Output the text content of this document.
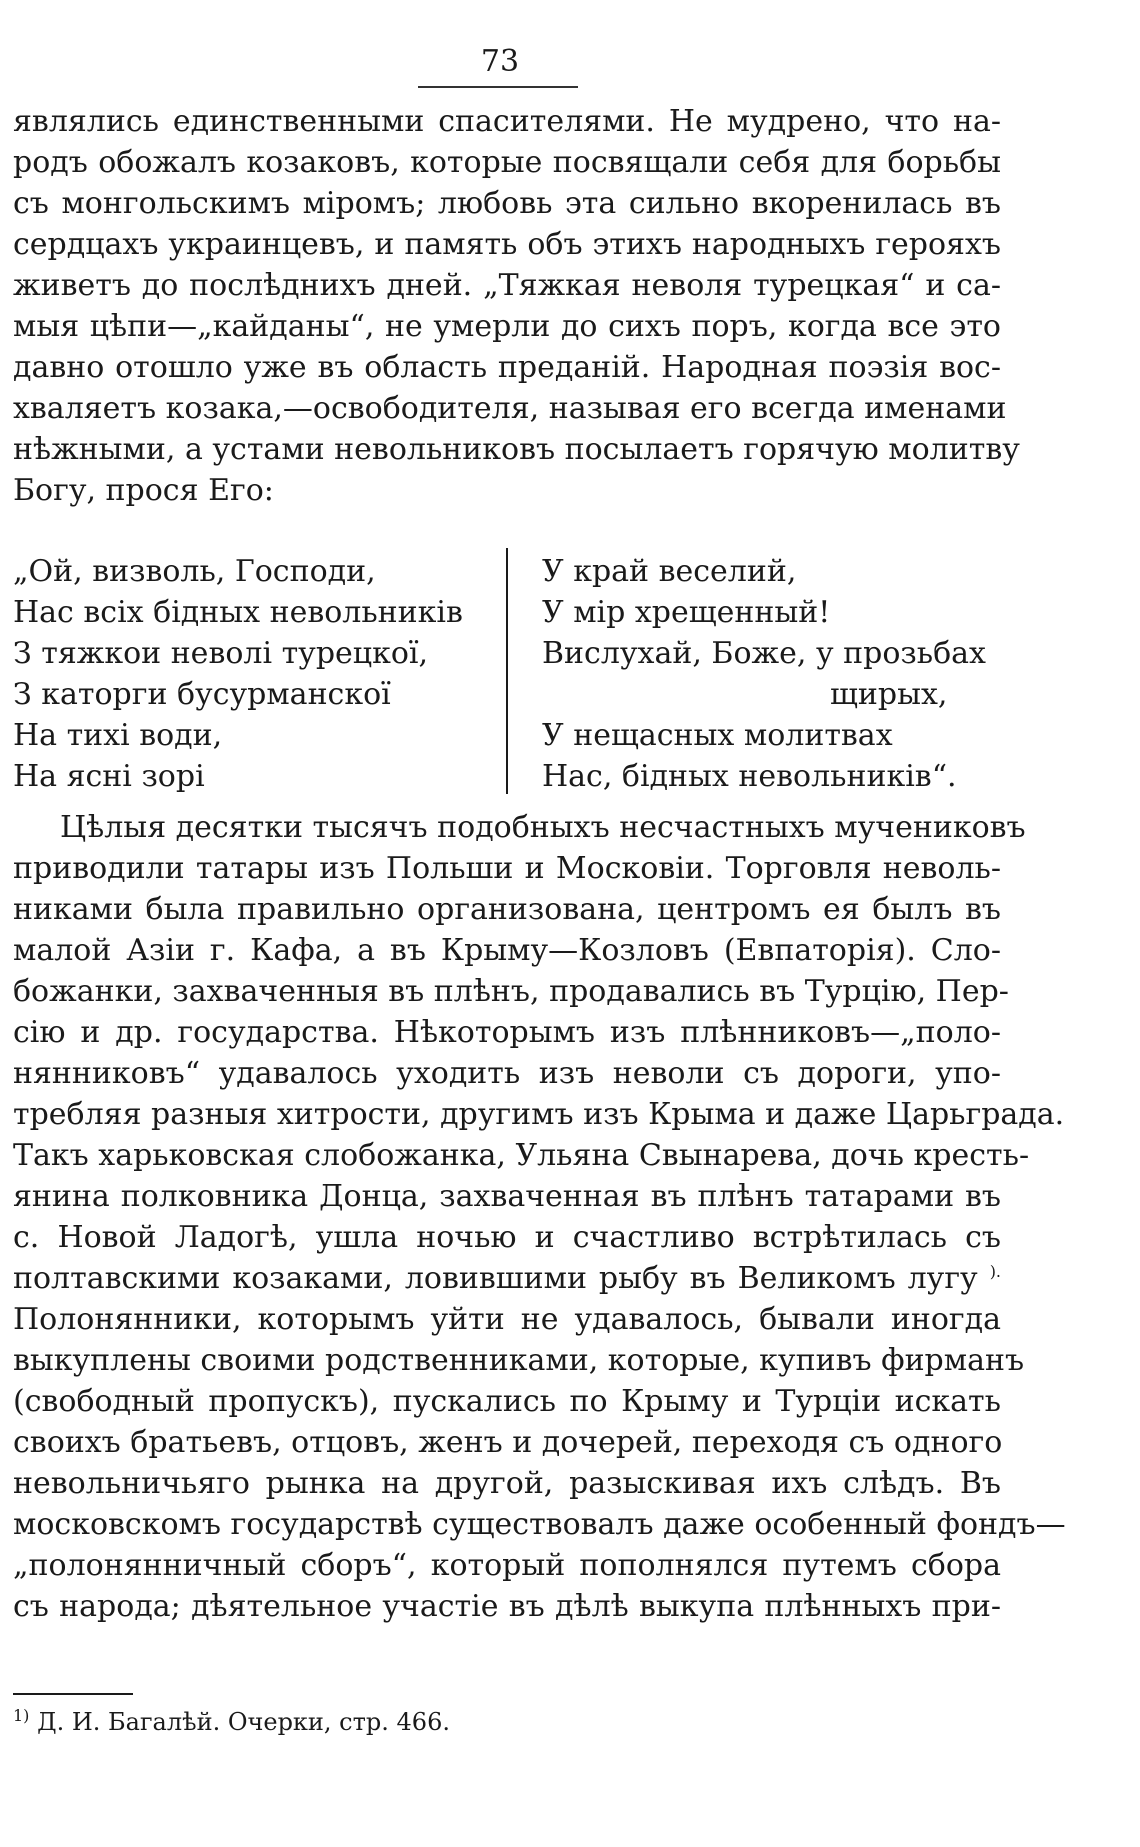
73
являлись единственными спасителями. Не мудрено, что на-
родъ обожалъ козаковъ, которые посвящали себя для борьбы
съ монгольскимъ міромъ; любовь эта сильно вкоренилась въ
сердцахъ украинцевъ, и память объ этихъ народныхъ герояхъ
живетъ до послѣднихъ дней. „Тяжкая неволя турецкая“ и са-
мыя цѣпи—„кайданы“, не умерли до сихъ поръ, когда все это
давно отошло уже въ область преданій. Народная поэзія вос-
хваляетъ козака,—освободителя, называя его всегда именами
нѣжными, а устами невольниковъ посылаетъ горячую молитву
Богу, прося Его:
„Ой, визволь, Господи,
Нас всіх бідных невольників
З тяжкои неволі турецкої,
З каторги бусурманскої
На тихі води,
На ясні зорі
У край веселий,
У мір хрещенный!
Вислухай, Боже, у прозьбах
щирых,
У нещасных молитвах
Нас, бідных невольників“.
Цѣлыя десятки тысячъ подобныхъ несчастныхъ мучениковъ
приводили татары изъ Польши и Московіи. Торговля неволь-
никами была правильно организована, центромъ ея былъ въ
малой Азіи г. Кафа, а въ Крыму—Козловъ (Евпаторія). Сло-
божанки, захваченныя въ плѣнъ, продавались въ Турцію, Пер-
сію и др. государства. Нѣкоторымъ изъ плѣнниковъ—„поло-
нянниковъ“ удавалось уходить изъ неволи съ дороги, упо-
требляя разныя хитрости, другимъ изъ Крыма и даже Царьграда.
Такъ харьковская слобожанка, Ульяна Свынарева, дочь кресть-
янина полковника Донца, захваченная въ плѣнъ татарами въ
с. Новой Ладогѣ, ушла ночью и счастливо встрѣтилась съ
полтавскими козаками, ловившими рыбу въ Великомъ лугу ).
Полонянники, которымъ уйти не удавалось, бывали иногда
выкуплены своими родственниками, которые, купивъ фирманъ
(свободный пропускъ), пускались по Крыму и Турціи искать
своихъ братьевъ, отцовъ, женъ и дочерей, переходя съ одного
невольничьяго рынка на другой, разыскивая ихъ слѣдъ. Въ
московскомъ государствѣ существовалъ даже особенный фондъ—
„полонянничный сборъ“, который пополнялся путемъ сбора
съ народа; дѣятельное участіе въ дѣлѣ выкупа плѣнныхъ при-
$^{1)}$ Д. И. Багалѣй. Очерки, стр. 466.
